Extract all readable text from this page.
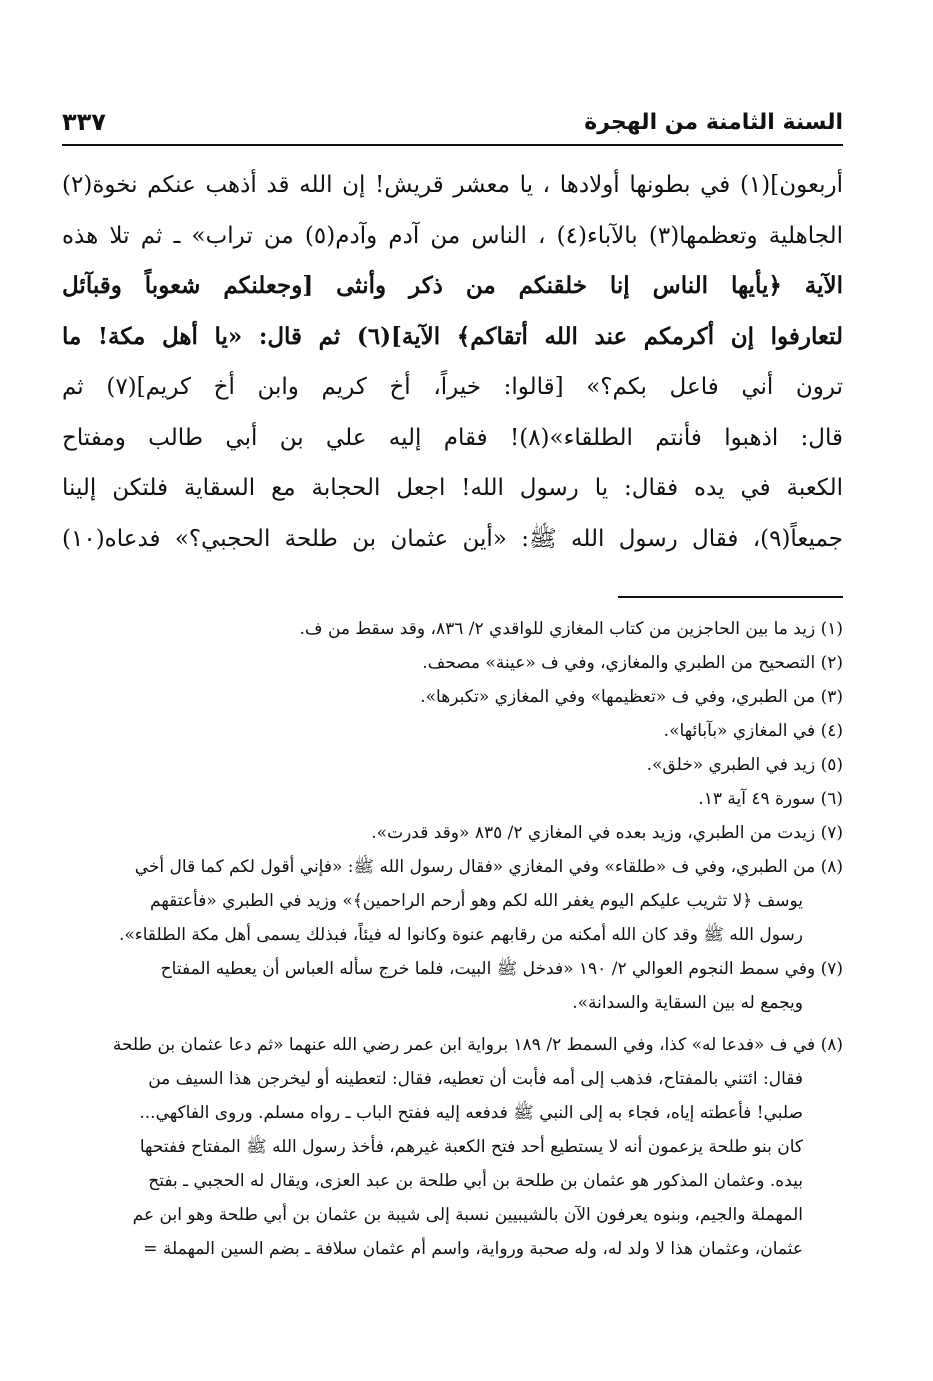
السنة الثامنة من الهجرة
٣٣٧
أربعون](١) في بطونها أولادها ، يا معشر قريش! إن الله قد أذهب عنكم نخوة(٢)
الجاهلية وتعظمها(٣) بالآباء(٤) ، الناس من آدم وآدم(٥) من تراب» ـ ثم تلا هذه
الآية ﴿يأيها الناس إنا خلقنكم من ذكر وأنثى [وجعلنكم شعوباً وقبآئل
لتعارفوا إن أكرمكم عند الله أتقاكم﴾ الآية](٦) ثم قال: «يا أهل مكة! ما
ترون أني فاعل بكم؟» [قالوا: خيراً، أخ كريم وابن أخ كريم](٧) ثم
قال: اذهبوا فأنتم الطلقاء»(٨)! فقام إليه علي بن أبي طالب ومفتاح
الكعبة في يده فقال: يا رسول الله! اجعل الحجابة مع السقاية فلتكن إلينا
جميعاً(٩)، فقال رسول الله ﷺ: «أين عثمان بن طلحة الحجبي؟» فدعاه(١٠)

(١) زيد ما بين الحاجزين من كتاب المغازي للواقدي ٢/ ٨٣٦، وقد سقط من ف.

(٢) التصحيح من الطبري والمغازي، وفي ف «عينة» مصحف.

(٣) من الطبري، وفي ف «تعظيمها» وفي المغازي «تكبرها».

(٤) في المغازي «بآبائها».

(٥) زيد في الطبري «خلق».

(٦) سورة ٤٩ آية ١٣.

(٧) زيدت من الطبري، وزيد بعده في المغازي ٢/ ٨٣٥ «وقد قدرت».

(٨) من الطبري، وفي ف «طلقاء» وفي المغازي «فقال رسول الله ﷺ: «فإني أقول لكم كما قال أخي
يوسف ﴿لا تثريب عليكم اليوم يغفر الله لكم وهو أرحم الراحمين﴾» وزيد في الطبري «فأعتقهم
رسول الله ﷺ وقد كان الله أمكنه من رقابهم عنوة وكانوا له فيئاً، فبذلك يسمى أهل مكة الطلقاء».

(٧) وفي سمط النجوم العوالي ٢/ ١٩٠ «فدخل ﷺ البيت، فلما خرج سأله العباس أن يعطيه المفتاح
ويجمع له بين السقاية والسدانة».

(٨) في ف «فدعا له» كذا، وفي السمط ٢/ ١٨٩ برواية ابن عمر رضي الله عنهما «ثم دعا عثمان بن طلحة
فقال: ائتني بالمفتاح، فذهب إلى أمه فأبت أن تعطيه، فقال: لتعطينه أو ليخرجن هذا السيف من
صلبي! فأعطته إياه، فجاء به إلى النبي ﷺ فدفعه إليه ففتح الباب ـ رواه مسلم. وروى الفاكهي...
كان بنو طلحة يزعمون أنه لا يستطيع أحد فتح الكعبة غيرهم، فأخذ رسول الله ﷺ المفتاح ففتحها
بيده. وعثمان المذكور هو عثمان بن طلحة بن أبي طلحة بن عبد العزى، ويقال له الحجبي ـ بفتح
المهملة والجيم، وبنوه يعرفون الآن بالشيبيين نسبة إلى شيبة بن عثمان بن أبي طلحة وهو ابن عم
عثمان، وعثمان هذا لا ولد له، وله صحبة ورواية، واسم أم عثمان سلافة ـ بضم السين المهملة =
